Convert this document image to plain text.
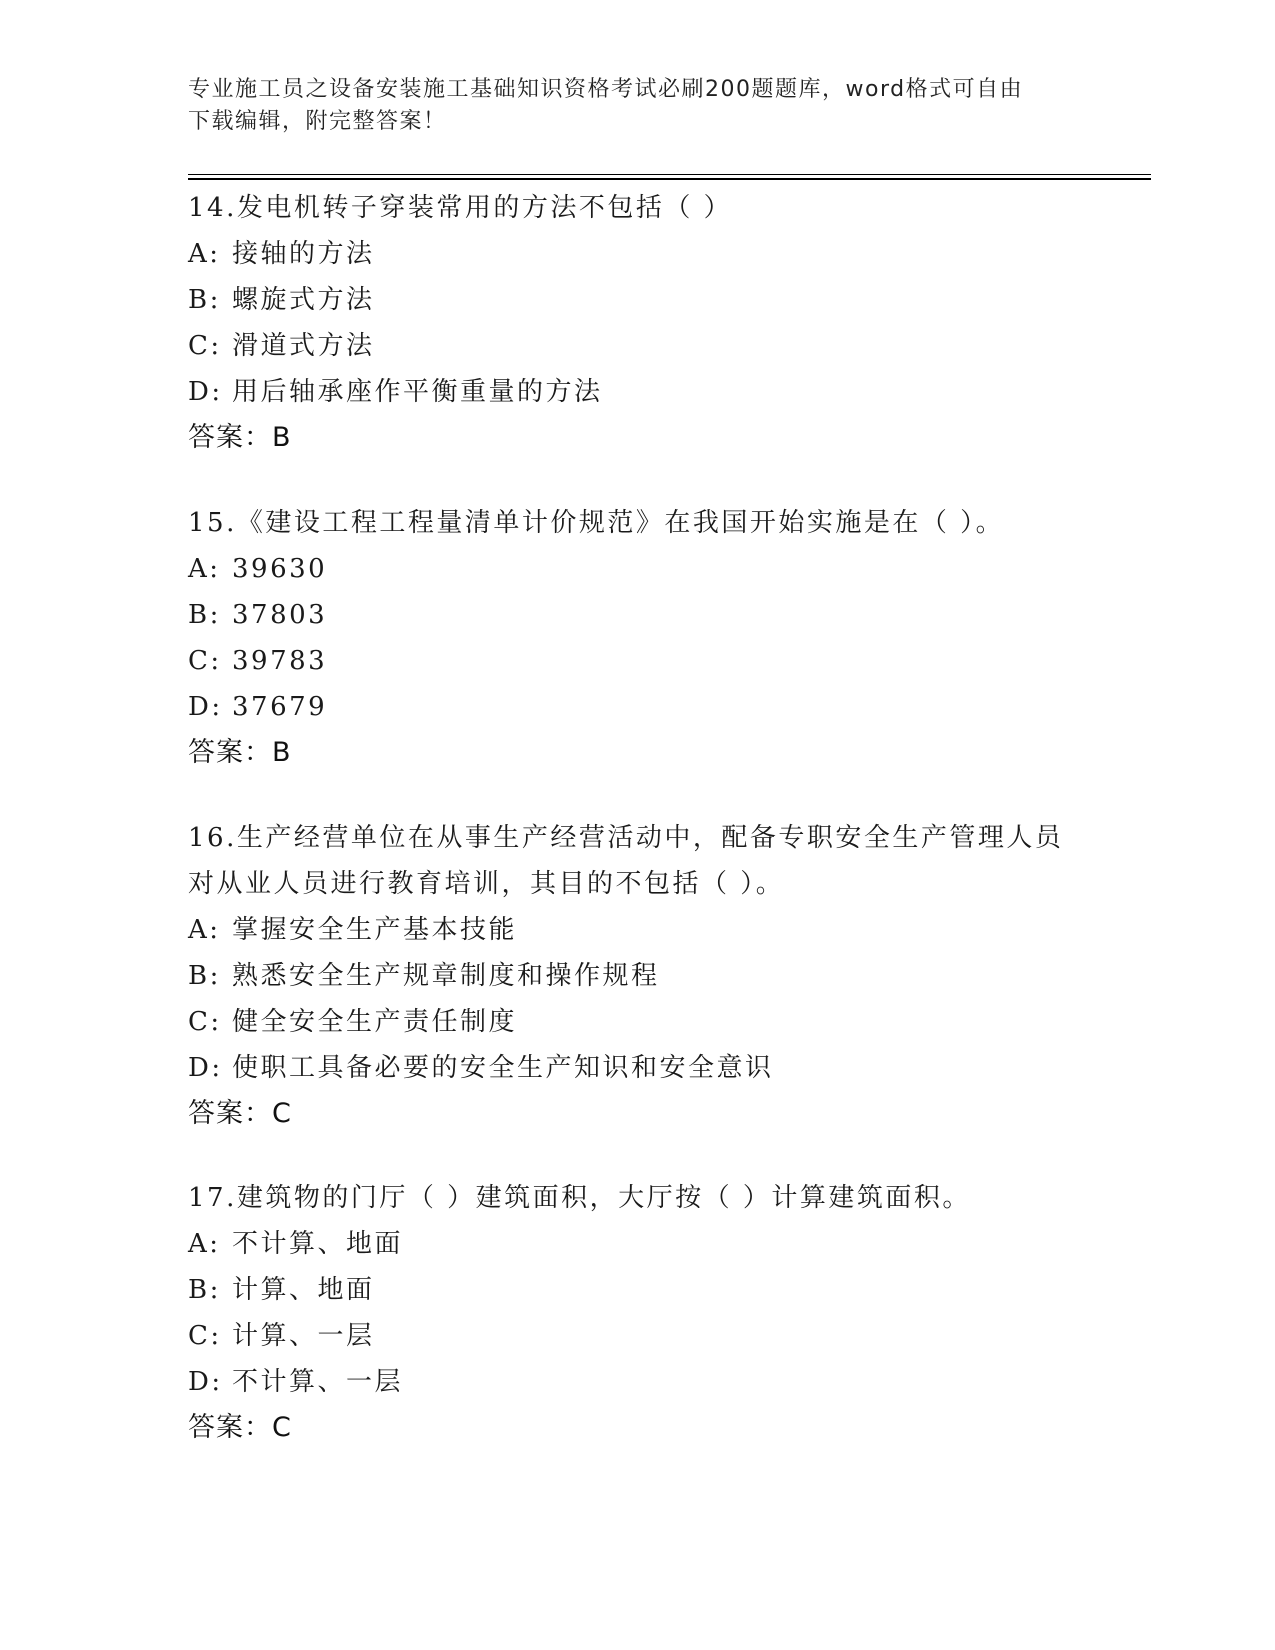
专业施工员之设备安装施工基础知识资格考试必刷200题题库，word格式可自由
下载编辑，附完整答案！
14.发电机转子穿装常用的方法不包括（ ）
A: 接轴的方法
B: 螺旋式方法
C: 滑道式方法
D: 用后轴承座作平衡重量的方法
答案：B
15.《建设工程工程量清单计价规范》在我国开始实施是在（ ）。
A: 39630
B: 37803
C: 39783
D: 37679
答案：B
16.生产经营单位在从事生产经营活动中，配备专职安全生产管理人员
对从业人员进行教育培训，其目的不包括（ ）。
A: 掌握安全生产基本技能
B: 熟悉安全生产规章制度和操作规程
C: 健全安全生产责任制度
D: 使职工具备必要的安全生产知识和安全意识
答案：C
17.建筑物的门厅（ ）建筑面积，大厅按（ ）计算建筑面积。
A: 不计算、地面
B: 计算、地面
C: 计算、一层
D: 不计算、一层
答案：C
